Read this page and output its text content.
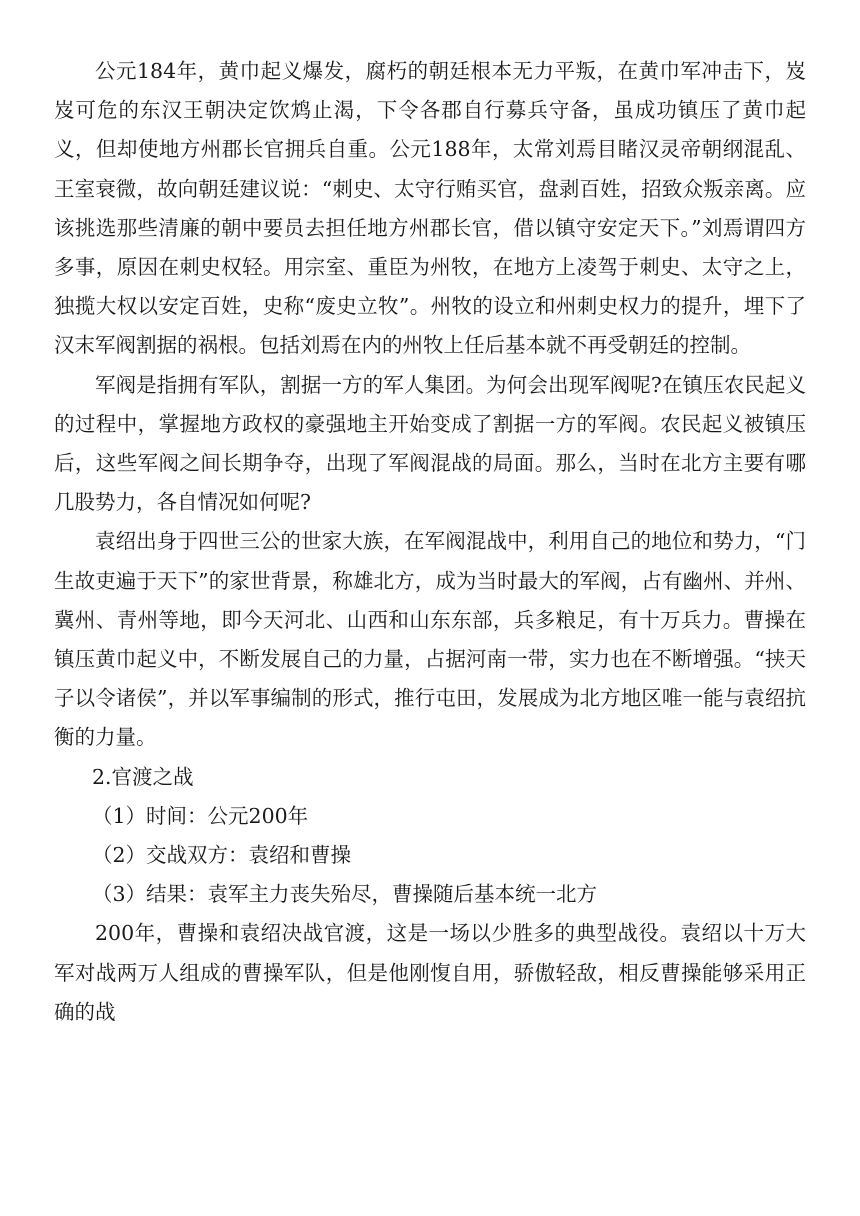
公元184年，黄巾起义爆发，腐朽的朝廷根本无力平叛，在黄巾军冲击下，岌岌可危的东汉王朝决定饮鸩止渴，下令各郡自行募兵守备，虽成功镇压了黄巾起义，但却使地方州郡长官拥兵自重。公元188年，太常刘焉目睹汉灵帝朝纲混乱、王室衰微，故向朝廷建议说：“刺史、太守行贿买官，盘剥百姓，招致众叛亲离。应该挑选那些清廉的朝中要员去担任地方州郡长官，借以镇守安定天下。”刘焉谓四方多事，原因在刺史权轻。用宗室、重臣为州牧，在地方上凌驾于刺史、太守之上，独揽大权以安定百姓，史称“废史立牧”。州牧的设立和州刺史权力的提升，埋下了汉末军阀割据的祸根。包括刘焉在内的州牧上任后基本就不再受朝廷的控制。

军阀是指拥有军队，割据一方的军人集团。为何会出现军阀呢?在镇压农民起义的过程中，掌握地方政权的豪强地主开始变成了割据一方的军阀。农民起义被镇压后，这些军阀之间长期争夺，出现了军阀混战的局面。那么，当时在北方主要有哪几股势力，各自情况如何呢?

袁绍出身于四世三公的世家大族，在军阀混战中，利用自己的地位和势力，“门生故吏遍于天下”的家世背景，称雄北方，成为当时最大的军阀，占有幽州、并州、冀州、青州等地，即今天河北、山西和山东东部，兵多粮足，有十万兵力。曹操在镇压黄巾起义中，不断发展自己的力量，占据河南一带，实力也在不断增强。“挟天子以令诸侯”，并以军事编制的形式，推行屯田，发展成为北方地区唯一能与袁绍抗衡的力量。

2.官渡之战

（1）时间：公元200年

（2）交战双方：袁绍和曹操

（3）结果：袁军主力丧失殆尽，曹操随后基本统一北方

200年，曹操和袁绍决战官渡，这是一场以少胜多的典型战役。袁绍以十万大军对战两万人组成的曹操军队，但是他刚愎自用，骄傲轻敌，相反曹操能够采用正确的战
